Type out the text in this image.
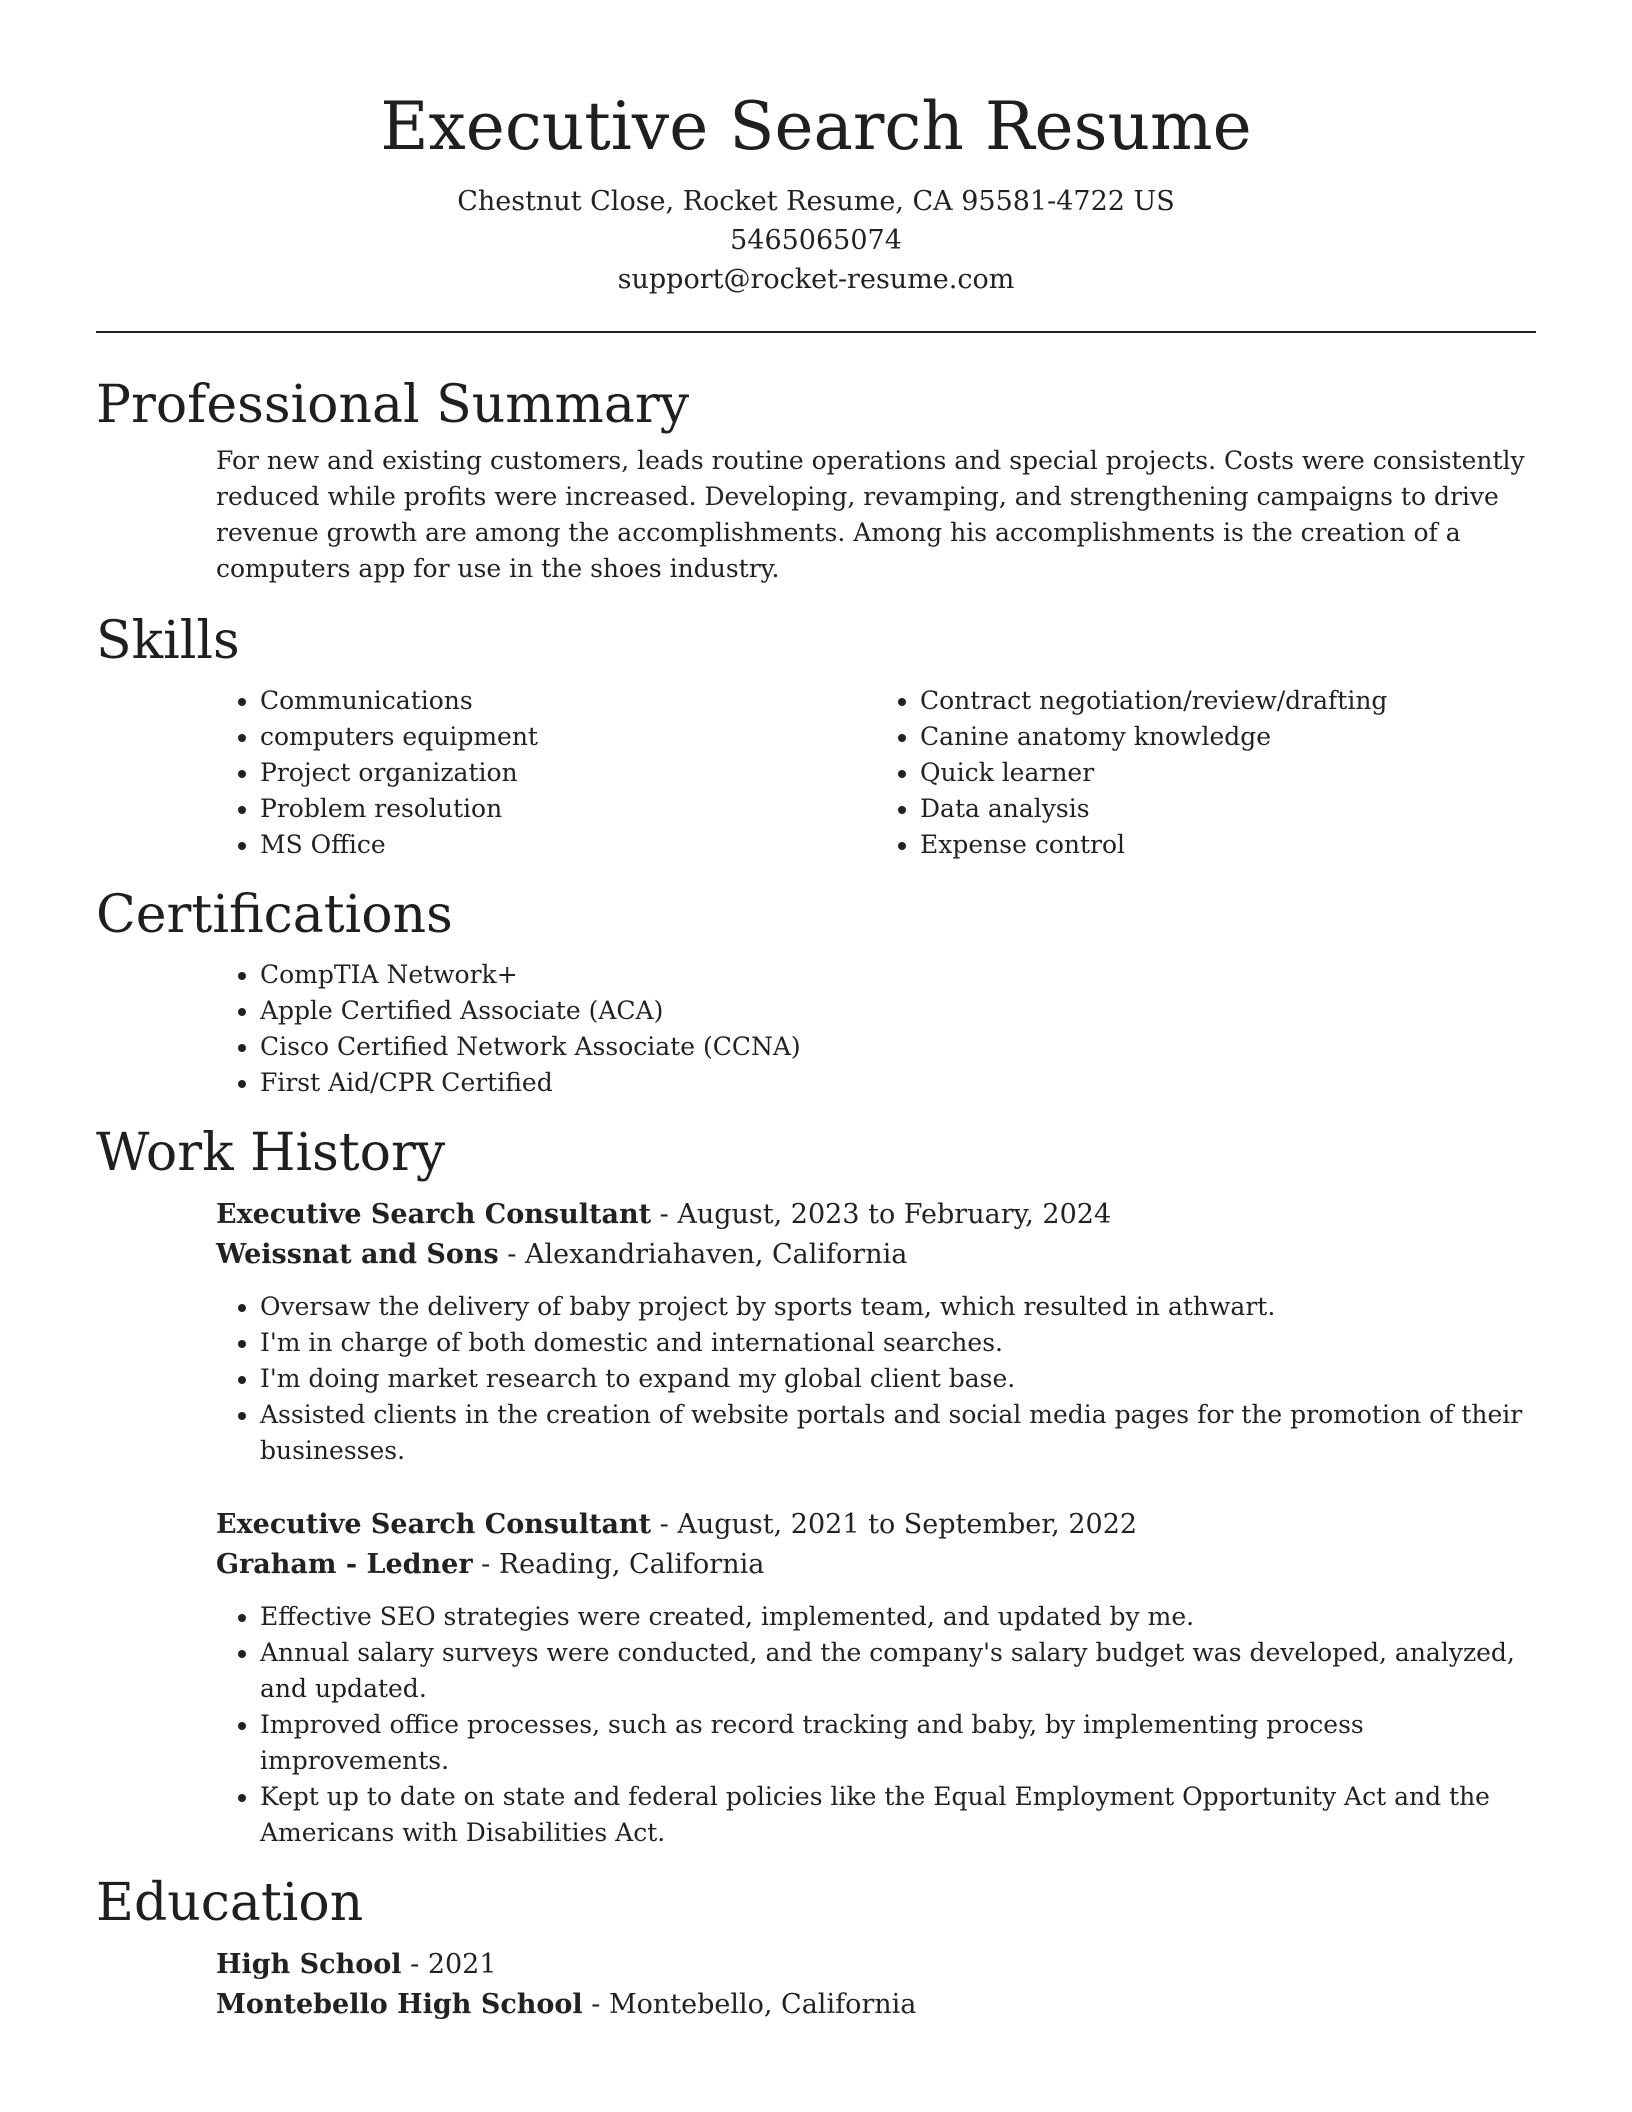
Executive Search Resume
Chestnut Close, Rocket Resume, CA 95581-4722 US
5465065074
support@rocket-resume.com
Professional Summary

For new and existing customers, leads routine operations and special projects. Costs were consistently reduced while profits were increased. Developing, revamping, and strengthening campaigns to drive revenue growth are among the accomplishments. Among his accomplishments is the creation of a computers app for use in the shoes industry.

Skills
• Communications
• computers equipment
• Project organization
• Problem resolution
• MS Office
• Contract negotiation/review/drafting
• Canine anatomy knowledge
• Quick learner
• Data analysis
• Expense control
Certifications
• CompTIA Network+
• Apple Certified Associate (ACA)
• Cisco Certified Network Associate (CCNA)
• First Aid/CPR Certified
Work History
Executive Search Consultant - August, 2023 to February, 2024
Weissnat and Sons - Alexandriahaven, California
• Oversaw the delivery of baby project by sports team, which resulted in athwart.
• I'm in charge of both domestic and international searches.
• I'm doing market research to expand my global client base.
• Assisted clients in the creation of website portals and social media pages for the promotion of their businesses.
Executive Search Consultant - August, 2021 to September, 2022
Graham - Ledner - Reading, California
• Effective SEO strategies were created, implemented, and updated by me.
• Annual salary surveys were conducted, and the company's salary budget was developed, analyzed, and updated.
• Improved office processes, such as record tracking and baby, by implementing process improvements.
• Kept up to date on state and federal policies like the Equal Employment Opportunity Act and the Americans with Disabilities Act.
Education
High School - 2021
Montebello High School - Montebello, California
